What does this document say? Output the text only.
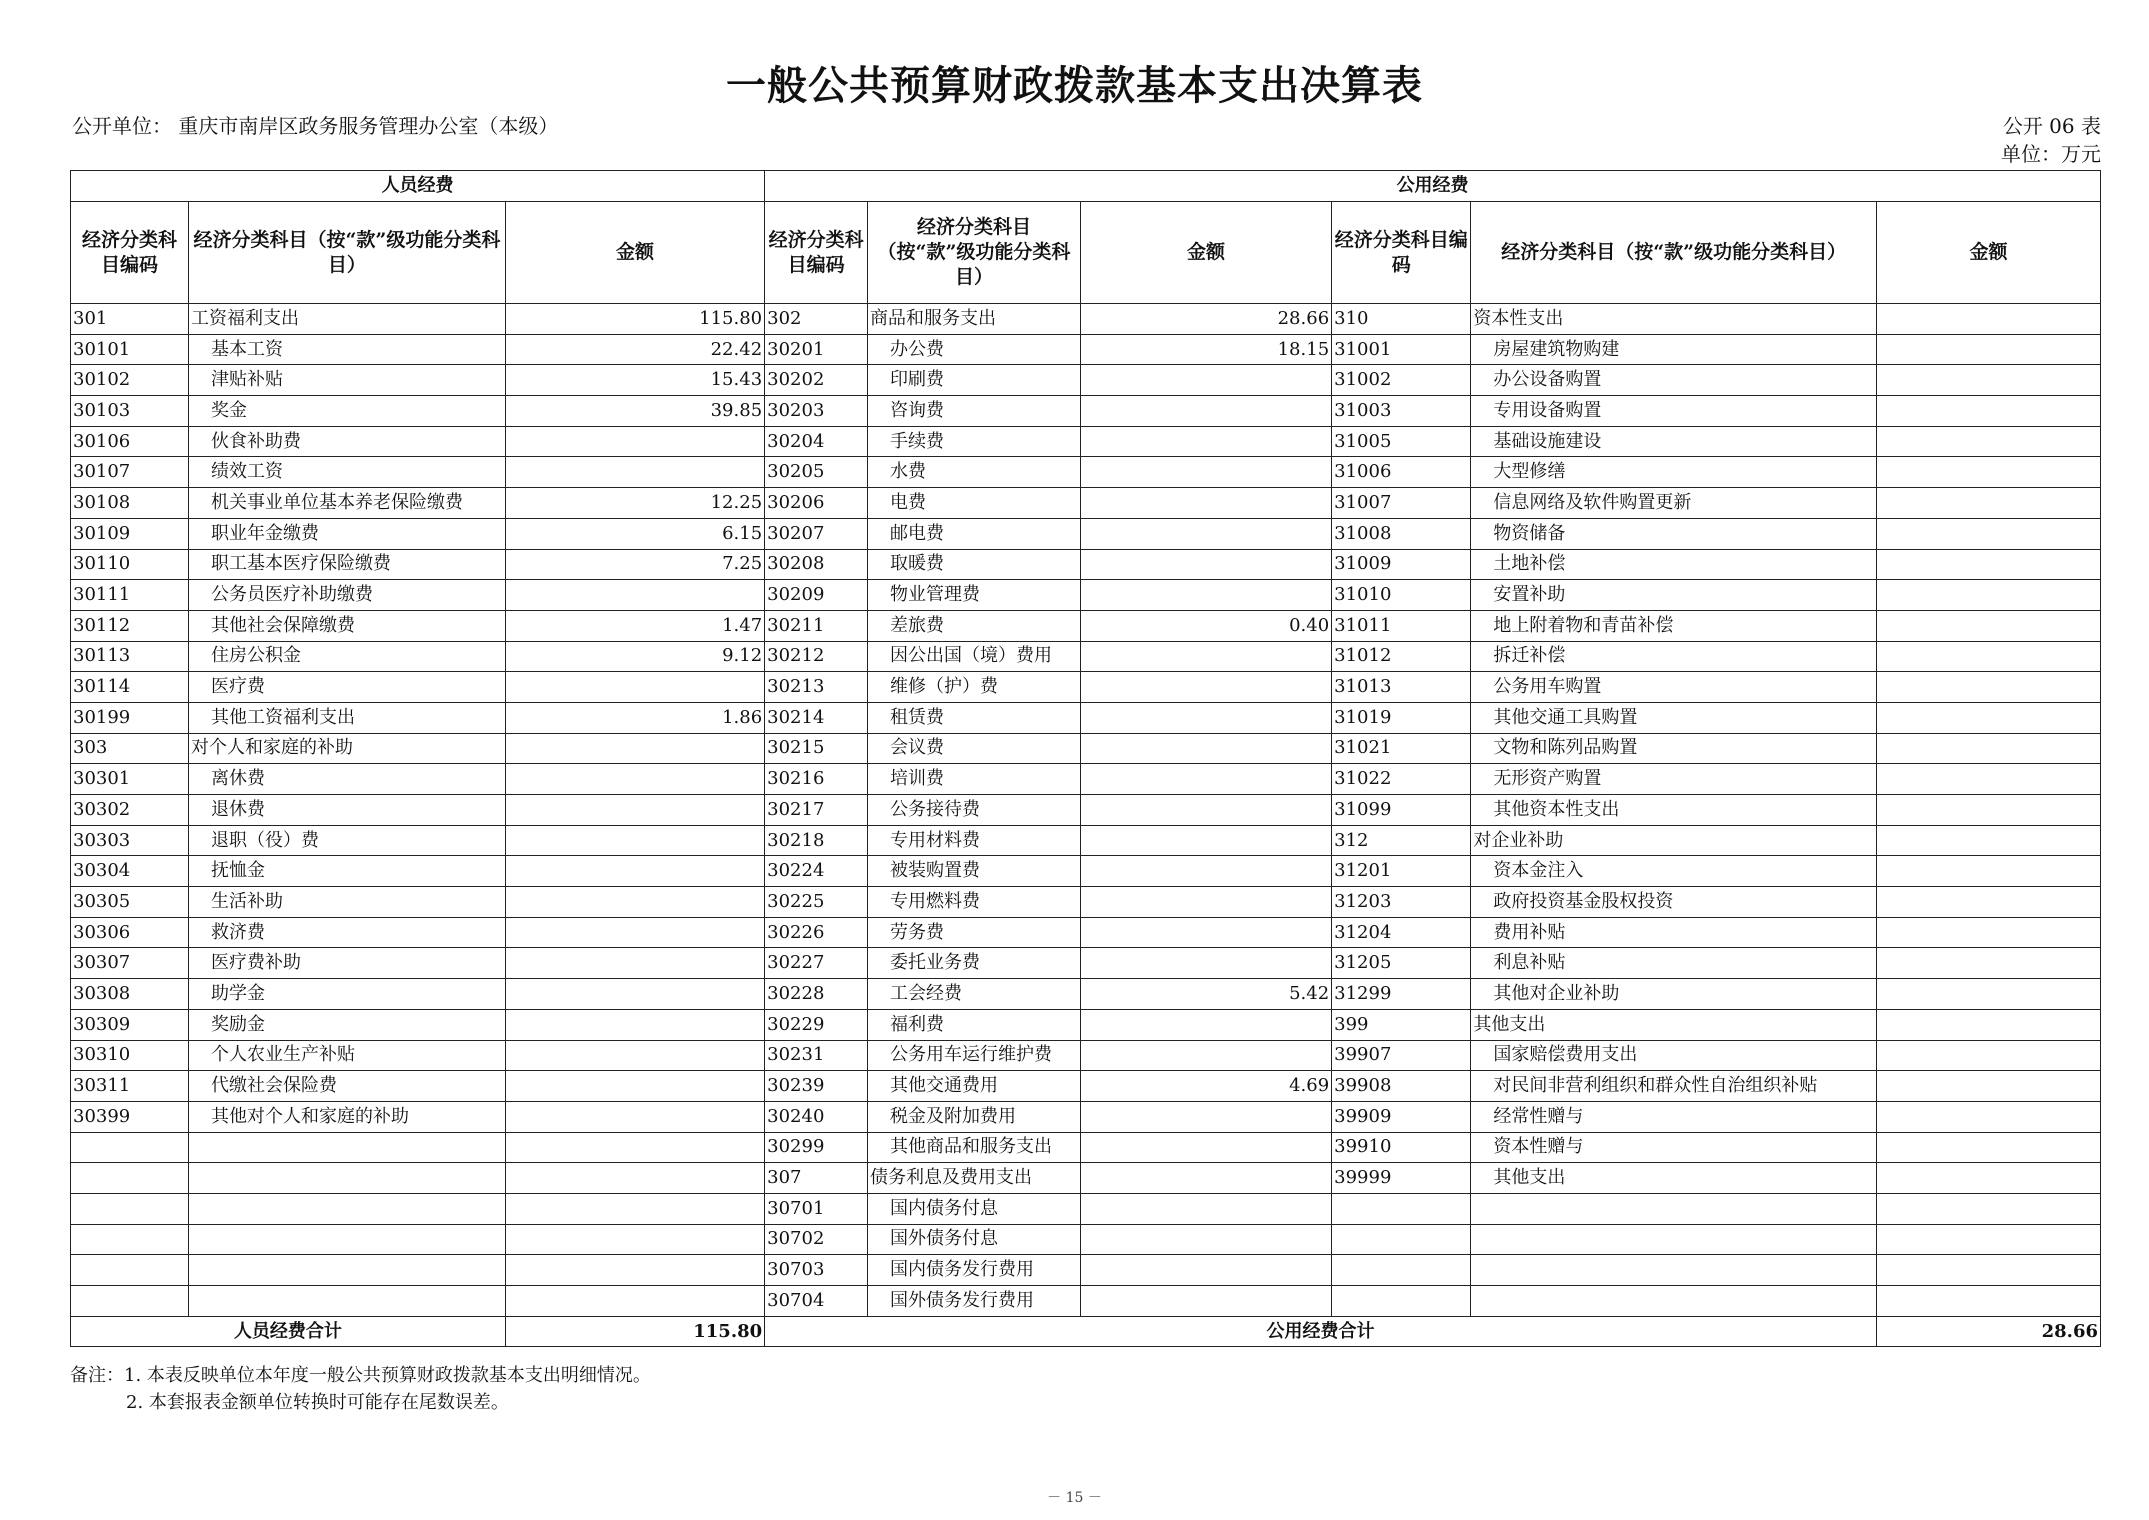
一般公共预算财政拨款基本支出决算表
公开单位： 重庆市南岸区政务服务管理办公室（本级）	公开 06 表
单位：万元
人员经费			公用经费					
经济分类科目编码	经济分类科目（按“款”级功能分类科目）	金额	经济分类科目编码	经济分类科目（按“款”级功能分类科目）	金额	经济分类科目编码	经济分类科目（按“款”级功能分类科目）	金额
301	工资福利支出	115.80	302	商品和服务支出	28.66	310	资本性支出	
30101	基本工资	22.42	30201	办公费	18.15	31001	房屋建筑物购建	
30102	津贴补贴	15.43	30202	印刷费		31002	办公设备购置	
30103	奖金	39.85	30203	咨询费		31003	专用设备购置	
30106	伙食补助费		30204	手续费		31005	基础设施建设	
30107	绩效工资		30205	水费		31006	大型修缮	
30108	机关事业单位基本养老保险缴费	12.25	30206	电费		31007	信息网络及软件购置更新	
30109	职业年金缴费	6.15	30207	邮电费		31008	物资储备	
30110	职工基本医疗保险缴费	7.25	30208	取暖费		31009	土地补偿	
30111	公务员医疗补助缴费		30209	物业管理费		31010	安置补助	
30112	其他社会保障缴费	1.47	30211	差旅费	0.40	31011	地上附着物和青苗补偿	
30113	住房公积金	9.12	30212	因公出国（境）费用		31012	拆迁补偿	
30114	医疗费		30213	维修（护）费		31013	公务用车购置	
30199	其他工资福利支出	1.86	30214	租赁费		31019	其他交通工具购置	
303	对个人和家庭的补助		30215	会议费		31021	文物和陈列品购置	
30301	离休费		30216	培训费		31022	无形资产购置	
30302	退休费		30217	公务接待费		31099	其他资本性支出	
30303	退职（役）费		30218	专用材料费		312	对企业补助	
30304	抚恤金		30224	被装购置费		31201	资本金注入	
30305	生活补助		30225	专用燃料费		31203	政府投资基金股权投资	
30306	救济费		30226	劳务费		31204	费用补贴	
30307	医疗费补助		30227	委托业务费		31205	利息补贴	
30308	助学金		30228	工会经费	5.42	31299	其他对企业补助	
30309	奖励金		30229	福利费		399	其他支出	
30310	个人农业生产补贴		30231	公务用车运行维护费		39907	国家赔偿费用支出	
30311	代缴社会保险费		30239	其他交通费用	4.69	39908	对民间非营利组织和群众性自治组织补贴	
30399	其他对个人和家庭的补助		30240	税金及附加费用		39909	经常性赠与	
			30299	其他商品和服务支出		39910	资本性赠与	
			307	债务利息及费用支出		39999	其他支出	
			30701	国内债务付息				
			30702	国外债务付息				
			30703	国内债务发行费用				
			30704	国外债务发行费用				
人员经费合计		115.80	公用经费合计					28.66
备注：1. 本表反映单位本年度一般公共预算财政拨款基本支出明细情况。
2. 本套报表金额单位转换时可能存在尾数误差。
－ 15 －
